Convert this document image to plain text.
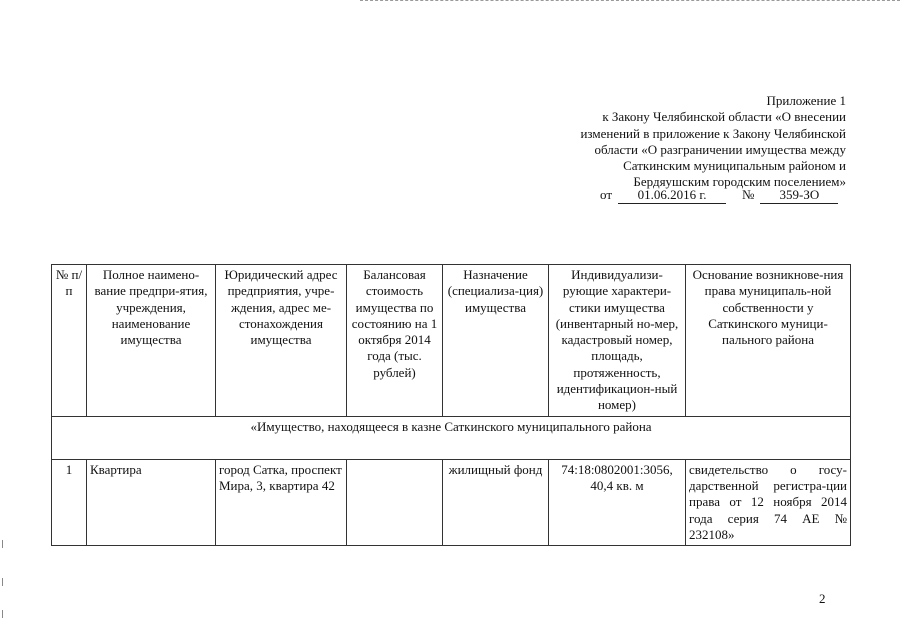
Приложение 1
к Закону Челябинской области «О внесении
изменений в приложение к Закону Челябинской
области «О разграничении имущества между
Саткинским муниципальным районом и
Бердяушским городским поселением»
от 01.06.2016 г.	№ 359-ЗО
№ п/п	Полное наимено-вание предпри-ятия, учреждения, наименование имущества	Юридический адрес предприятия, учре-ждения, адрес ме-стонахождения имущества	Балансовая стоимость имущества по состоянию на 1 октября 2014 года (тыс. рублей)	Назначение (специализа-ция) имущества	Индивидуализи-рующие характери-стики имущества (инвентарный но-мер, кадастровый номер, площадь, протяженность, идентификацион-ный номер)	Основание возникнове-ния права муниципаль-ной собственности у Саткинского муници-пального района
«Имущество, находящееся в казне Саткинского муниципального района						
1	Квартира	город Сатка, проспект Мира, 3, квартира 42		жилищный фонд	74:18:0802001:3056, 40,4 кв. м	свидетельство о госу-дарственной регистра-ции права от 12 ноября 2014 года серия 74 АЕ № 232108»
2
